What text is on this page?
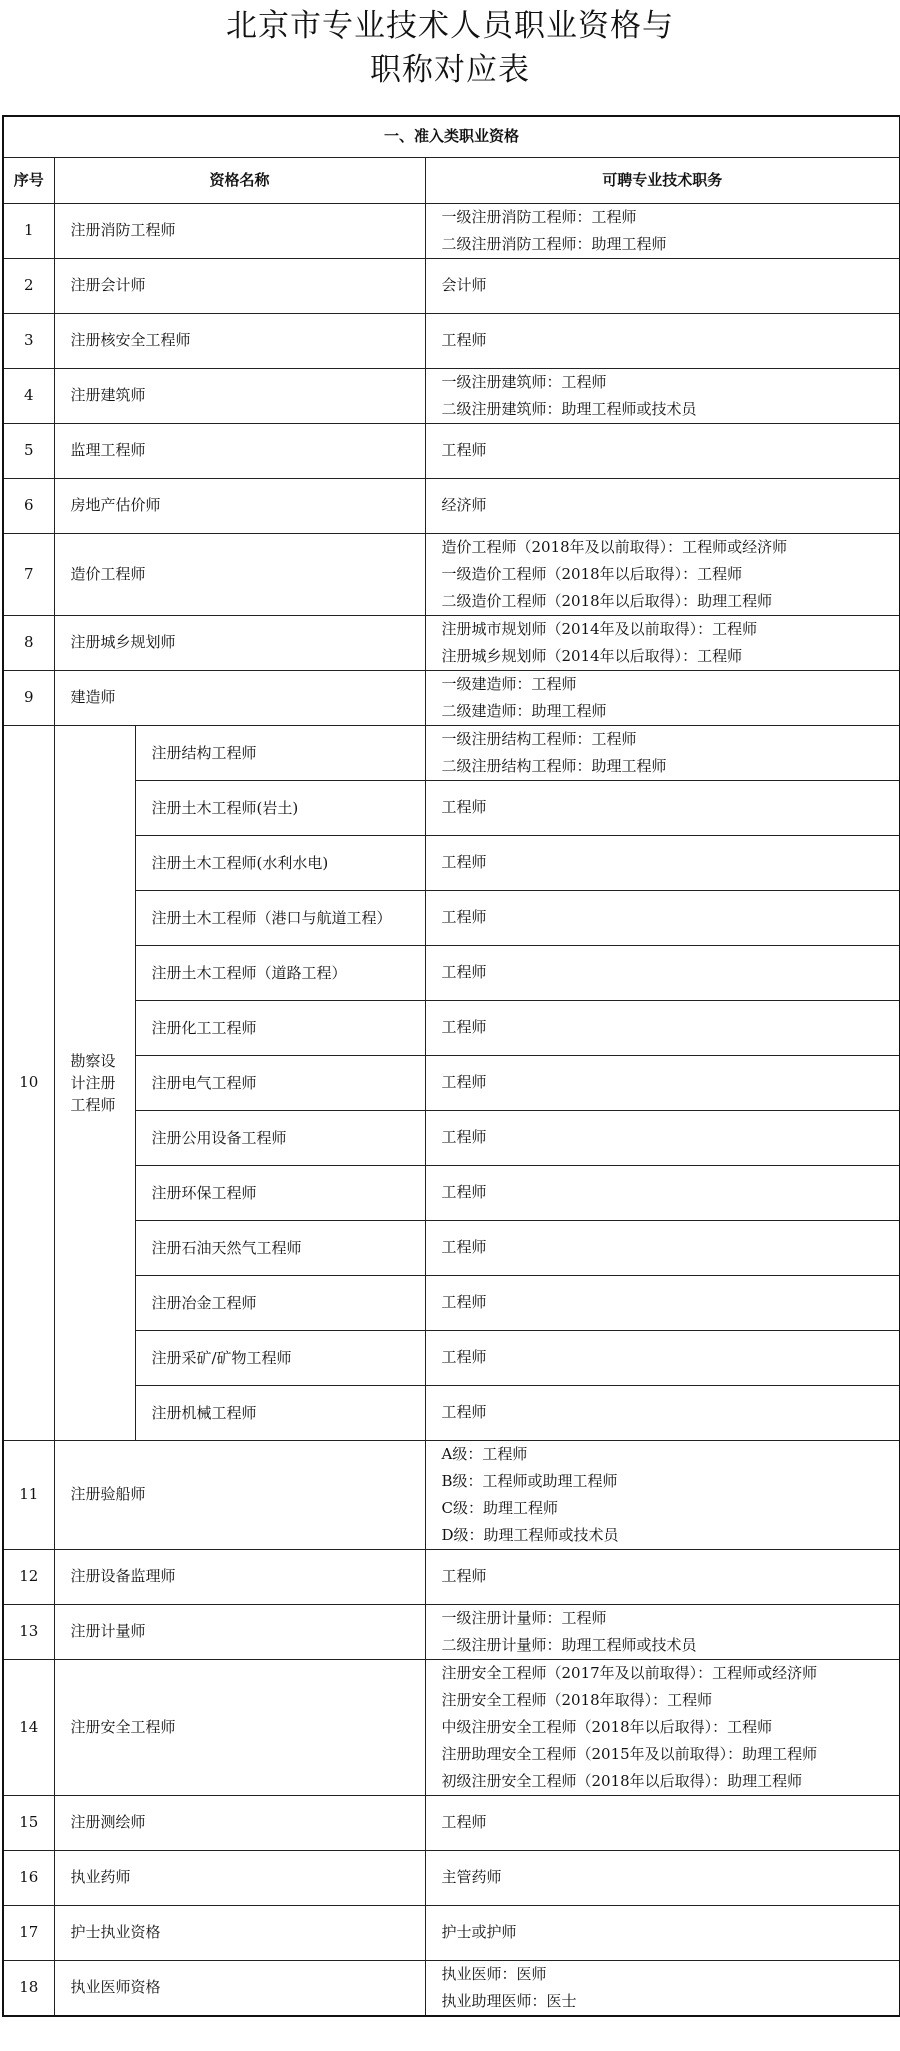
北京市专业技术人员职业资格与
职称对应表
一、准入类职业资格			
序号	资格名称		可聘专业技术职务
1	注册消防工程师		一级注册消防工程师：工程师
二级注册消防工程师：助理工程师

2	注册会计师		会计师

3	注册核安全工程师		工程师

4	注册建筑师		一级注册建筑师：工程师
二级注册建筑师：助理工程师或技术员

5	监理工程师		工程师

6	房地产估价师		经济师

7	造价工程师		造价工程师（2018年及以前取得）：工程师或经济师
一级造价工程师（2018年以后取得）：工程师
二级造价工程师（2018年以后取得）：助理工程师

8	注册城乡规划师		注册城市规划师（2014年及以前取得）：工程师
注册城乡规划师（2014年以后取得）：工程师

9	建造师		一级建造师：工程师
二级建造师：助理工程师

10	勘察设计注册工程师	注册结构工程师	一级注册结构工程师：工程师
二级注册结构工程师：助理工程师

		注册土木工程师(岩土)	工程师

		注册土木工程师(水利水电)	工程师

		注册土木工程师（港口与航道工程）	工程师

		注册土木工程师（道路工程）	工程师

		注册化工工程师	工程师

		注册电气工程师	工程师

		注册公用设备工程师	工程师

		注册环保工程师	工程师

		注册石油天然气工程师	工程师

		注册冶金工程师	工程师

		注册采矿/矿物工程师	工程师

		注册机械工程师	工程师

11	注册验船师		A级：工程师
B级：工程师或助理工程师
C级：助理工程师
D级：助理工程师或技术员

12	注册设备监理师		工程师

13	注册计量师		一级注册计量师：工程师
二级注册计量师：助理工程师或技术员

14	注册安全工程师		注册安全工程师（2017年及以前取得）：工程师或经济师
注册安全工程师（2018年取得）：工程师
中级注册安全工程师（2018年以后取得）：工程师
注册助理安全工程师（2015年及以前取得）：助理工程师
初级注册安全工程师（2018年以后取得）：助理工程师

15	注册测绘师		工程师

16	执业药师		主管药师

17	护士执业资格		护士或护师

18	执业医师资格		执业医师：医师
执业助理医师：医士
